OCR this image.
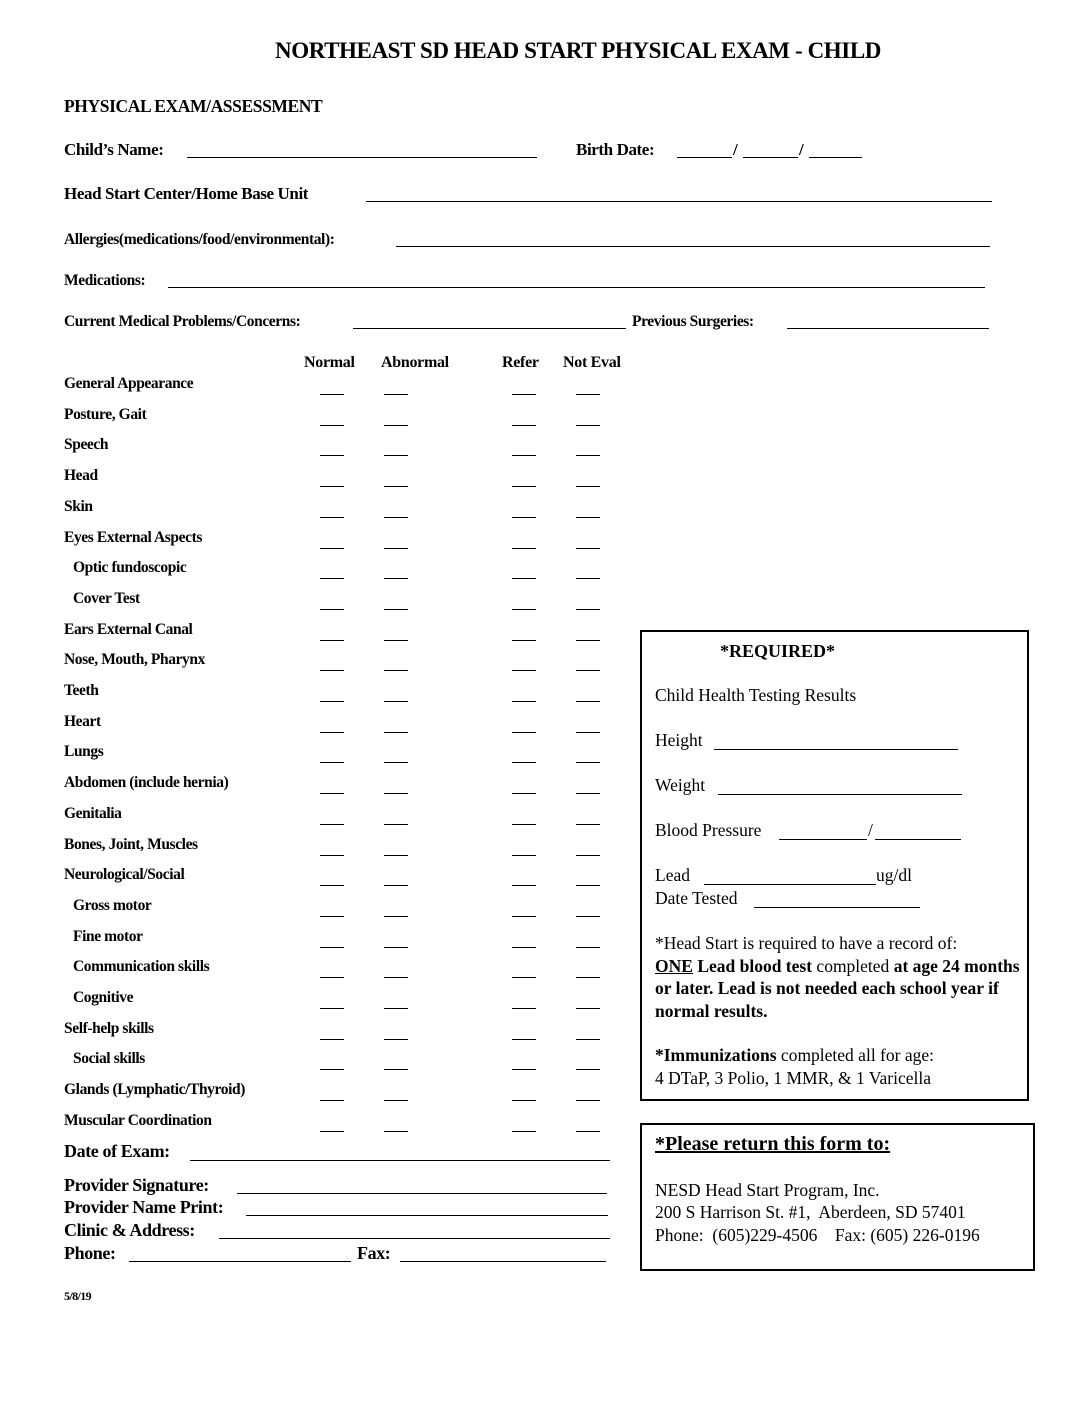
NORTHEAST SD HEAD START PHYSICAL EXAM - CHILD
PHYSICAL EXAM/ASSESSMENT
Child’s Name:	Birth Date:	/	/
Head Start Center/Home Base Unit
Allergies(medications/food/environmental):
Medications:
Current Medical Problems/Concerns:	Previous Surgeries:
Normal Abnormal	Refer Not Eval
General Appearance
Posture, Gait
Speech
Head
Skin
Eyes External Aspects
Optic fundoscopic
Cover Test
Ears External Canal
Nose, Mouth, Pharynx
Teeth
Heart
Lungs
Abdomen (include hernia)
Genitalia
Bones, Joint, Muscles
Neurological/Social
Gross motor
Fine motor
Communication skills
Cognitive
Self-help skills
Social skills
Glands (Lymphatic/Thyroid)
Muscular Coordination
Date of Exam:
Provider Signature:
Provider Name Print:
Clinic & Address:
Phone:	Fax:
5/8/19
*REQUIRED*
Child Health Testing Results
Height
Weight
Blood Pressure	/
Lead	ug/dl
Date Tested
*Head Start is required to have a record of:
ONE Lead blood test completed at age 24 months or later. Lead is not needed each school year if normal results.
*Immunizations completed all for age:
4 DTaP, 3 Polio, 1 MMR, & 1 Varicella
*Please return this form to:
NESD Head Start Program, Inc.
200 S Harrison St. #1,  Aberdeen, SD 57401
Phone:  (605)229-4506    Fax: (605) 226-0196
